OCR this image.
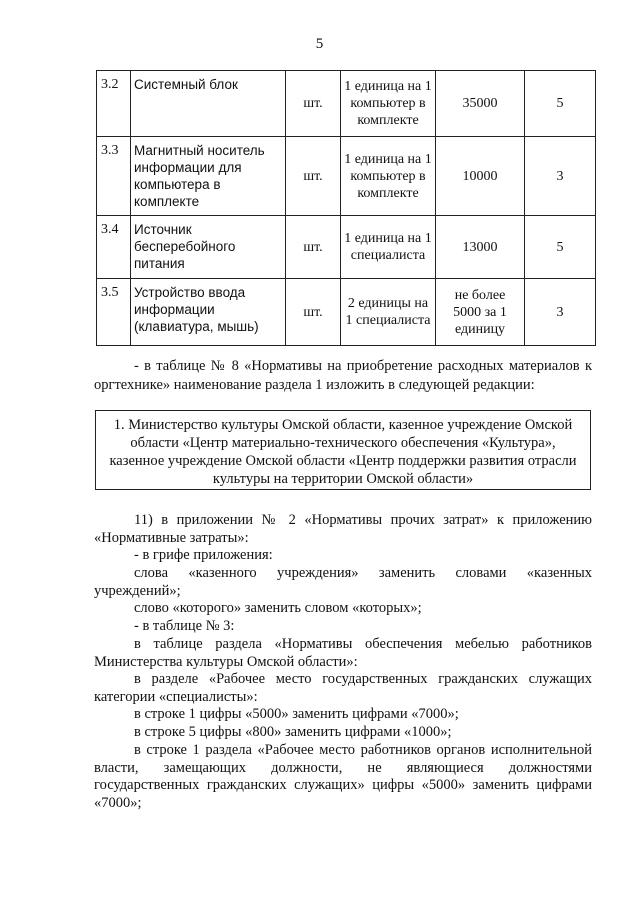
5
3.2	Системный блок	шт.	1 единица на 1 компьютер в комплекте	35000	5
3.3	Магнитный носитель информации для компьютера в комплекте	шт.	1 единица на 1 компьютер в комплекте	10000	3
3.4	Источник бесперебойного питания	шт.	1 единица на 1 специалиста	13000	5
3.5	Устройство ввода информации (клавиатура, мышь)	шт.	2 единицы на 1 специалиста	не более 5000 за 1 единицу	3
- в таблице № 8 «Нормативы на приобретение расходных материалов к
оргтехнике» наименование раздела 1 изложить в следующей редакции:
1. Министерство культуры Омской области, казенное учреждение Омской области «Центр материально-технического обеспечения «Культура», казенное учреждение Омской области «Центр поддержки развития отрасли культуры на территории Омской области»
11) в приложении № 2 «Нормативы прочих затрат» к приложению «Нормативные затраты»:
- в грифе приложения:
слова «казенного учреждения» заменить словами «казенных учреждений»;
слово «которого» заменить словом «которых»;
- в таблице № 3:
в таблице раздела «Нормативы обеспечения мебелью работников Министерства культуры Омской области»:
в разделе «Рабочее место государственных гражданских служащих категории «специалисты»:
в строке 1 цифры «5000» заменить цифрами «7000»;
в строке 5 цифры «800» заменить цифрами «1000»;
в строке 1 раздела «Рабочее место работников органов исполнительной власти, замещающих должности, не являющиеся должностями государственных гражданских служащих» цифры «5000» заменить цифрами «7000»;
